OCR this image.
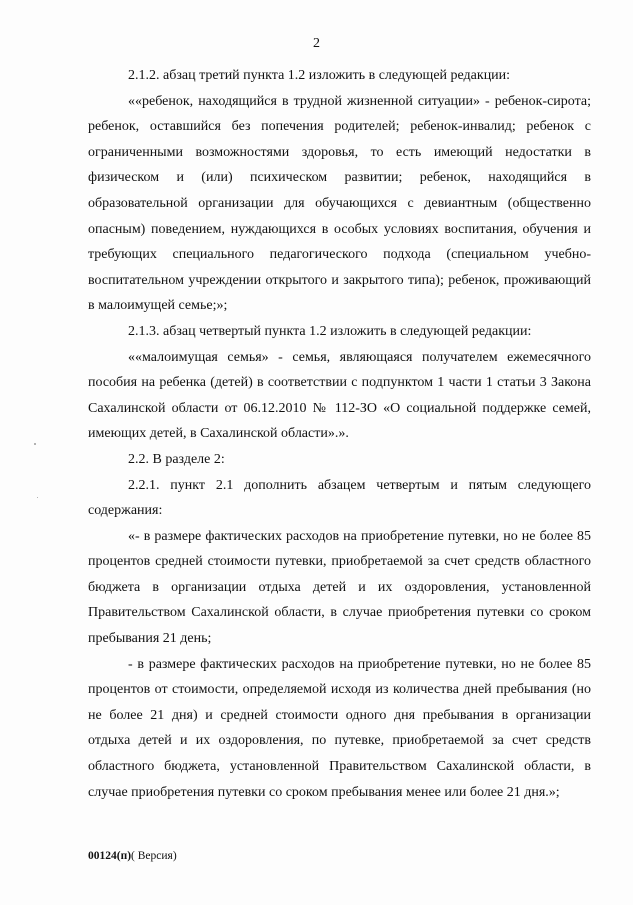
2

2.1.2. абзац третий пункта 1.2 изложить в следующей редакции:

««ребенок, находящийся в трудной жизненной ситуации» - ребенок-сирота; ребенок, оставшийся без попечения родителей; ребенок-инвалид; ребенок с ограниченными возможностями здоровья, то есть имеющий недостатки в физическом и (или) психическом развитии; ребенок, находящийся в образовательной организации для обучающихся с девиантным (общественно опасным) поведением, нуждающихся в особых условиях воспитания, обучения и требующих специального педагогического подхода (специальном учебно-воспитательном учреждении открытого и закрытого типа); ребенок, проживающий в малоимущей семье;»;

2.1.3. абзац четвертый пункта 1.2 изложить в следующей редакции:

««малоимущая семья» - семья, являющаяся получателем ежемесячного пособия на ребенка (детей) в соответствии с подпунктом 1 части 1 статьи 3 Закона Сахалинской области от 06.12.2010 № 112-ЗО «О социальной поддержке семей, имеющих детей, в Сахалинской области».».

2.2. В разделе 2:

2.2.1. пункт 2.1 дополнить абзацем четвертым и пятым следующего содержания:

«- в размере фактических расходов на приобретение путевки, но не более 85 процентов средней стоимости путевки, приобретаемой за счет средств областного бюджета в организации отдыха детей и их оздоровления, установленной Правительством Сахалинской области, в случае приобретения путевки со сроком пребывания 21 день;

- в размере фактических расходов на приобретение путевки, но не более 85 процентов от стоимости, определяемой исходя из количества дней пребывания (но не более 21 дня) и средней стоимости одного дня пребывания в организации отдыха детей и их оздоровления, по путевке, приобретаемой за счет средств областного бюджета, установленной Правительством Сахалинской области, в случае приобретения путевки со сроком пребывания менее или более 21 дня.»;

00124(п)( Версия)
